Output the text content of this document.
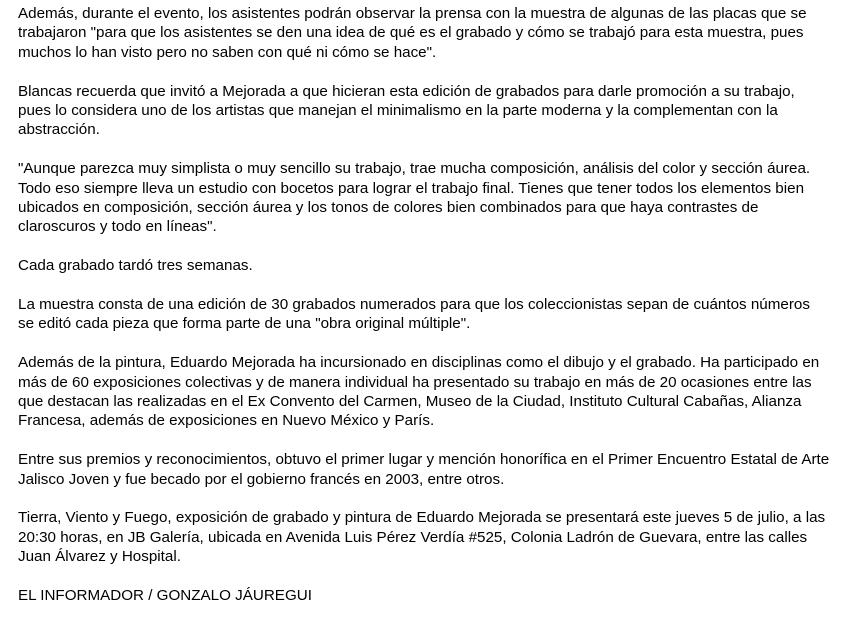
Además, durante el evento, los asistentes podrán observar la prensa con la muestra de algunas de las placas que se trabajaron "para que los asistentes se den una idea de qué es el grabado y cómo se trabajó para esta muestra, pues muchos lo han visto pero no saben con qué ni cómo se hace".

Blancas recuerda que invitó a Mejorada a que hicieran esta edición de grabados para darle promoción a su trabajo, pues lo considera uno de los artistas que manejan el minimalismo en la parte moderna y la complementan con la abstracción.

"Aunque parezca muy simplista o muy sencillo su trabajo, trae mucha composición, análisis del color y sección áurea. Todo eso siempre lleva un estudio con bocetos para lograr el trabajo final. Tienes que tener todos los elementos bien ubicados en composición, sección áurea y los tonos de colores bien combinados para que haya contrastes de claroscuros y todo en líneas".

Cada grabado tardó tres semanas.

La muestra consta de una edición de 30 grabados numerados para que los coleccionistas sepan de cuántos números se editó cada pieza que forma parte de una "obra original múltiple".

Además de la pintura, Eduardo Mejorada ha incursionado en disciplinas como el dibujo y el grabado. Ha participado en más de 60 exposiciones colectivas y de manera individual ha presentado su trabajo en más de 20 ocasiones entre las que destacan las realizadas en el Ex Convento del Carmen, Museo de la Ciudad, Instituto Cultural Cabañas, Alianza Francesa, además de exposiciones en Nuevo México y París.

Entre sus premios y reconocimientos, obtuvo el primer lugar y mención honorífica en el Primer Encuentro Estatal de Arte Jalisco Joven y fue becado por el gobierno francés en 2003, entre otros.

Tierra, Viento y Fuego, exposición de grabado y pintura de Eduardo Mejorada se presentará este jueves 5 de julio, a las 20:30 horas, en JB Galería, ubicada en Avenida Luis Pérez Verdía #525, Colonia Ladrón de Guevara, entre las calles Juan Álvarez y Hospital.

EL INFORMADOR / GONZALO JÁUREGUI
